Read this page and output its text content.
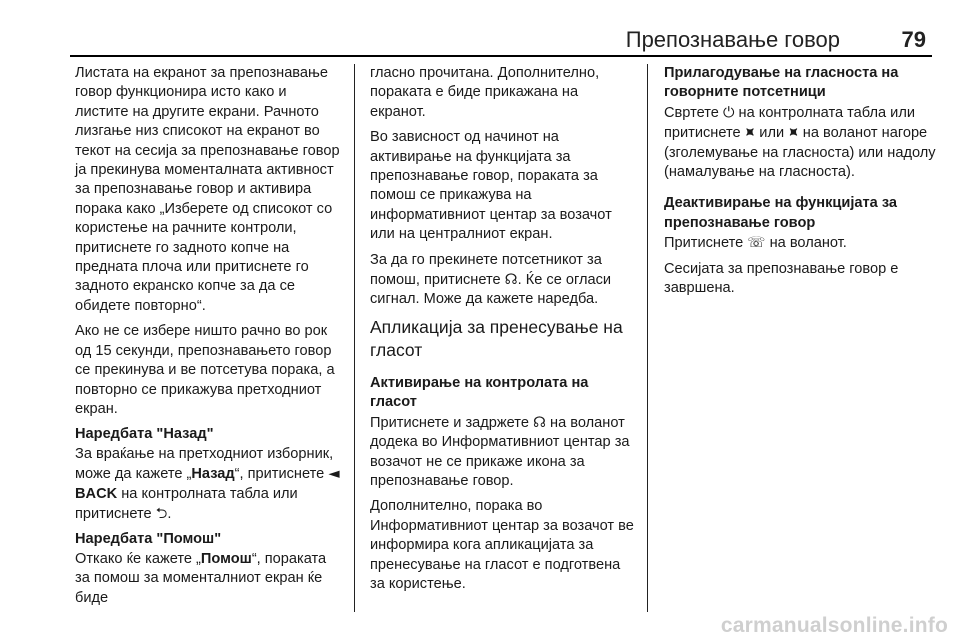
Препознавање говор	79

Листата на екранот за препознавање говор функционира исто како и листите на другите екрани. Рачното лизгање низ списокот на екранот во текот на сесија за препознавање говор ја прекинува моменталната активност за препознавање говор и активира порака како „Изберете од списокот со користење на рачните контроли, притиснете го задното копче на предната плоча или притиснете го задното екранско копче за да се обидете повторно“.

Ако не се избере ништо рачно во рок од 15 секунди, препознавањето говор се прекинува и ве потсетува порака, а повторно се прикажува претходниот екран.

Наредбата "Назад"

За враќање на претходниот изборник, може да кажете „Назад“, притиснете ◄ BACK на контролната табла или притиснете ⮌.

Наредбата "Помош"

Откако ќе кажете „Помош“, пораката за помош за моменталниот екран ќе биде

гласно прочитана. Дополнително, пораката е биде прикажана на екранот.

Во зависност од начинот на активирање на функцијата за препознавање говор, пораката за помош се прикажува на информативниот центар за возачот или на централниот екран.

За да го прекинете потсетникот за помош, притиснете ☊. Ќе се огласи сигнал. Може да кажете наредба.

Апликација за пренесување на гласот
Активирање на контролата на гласот

Притиснете и задржете ☊ на воланот додека во Информативниот центар за возачот не се прикаже икона за препознавање говор.

Дополнително, порака во Информативниот центар за возачот ве информира кога апликацијата за пренесување на гласот е подготвена за користење.

Прилагодување на гласноста на говорните потсетници

Свртете ⏻ на контролната табла или притиснете ⯍ или ⯍ на воланот нагоре (зголемување на гласноста) или надолу (намалување на гласноста).

Деактивирање на функцијата за препознавање говор

Притиснете ☏ на воланот.

Сесијата за препознавање говор е завршена.

carmanualsonline.info
